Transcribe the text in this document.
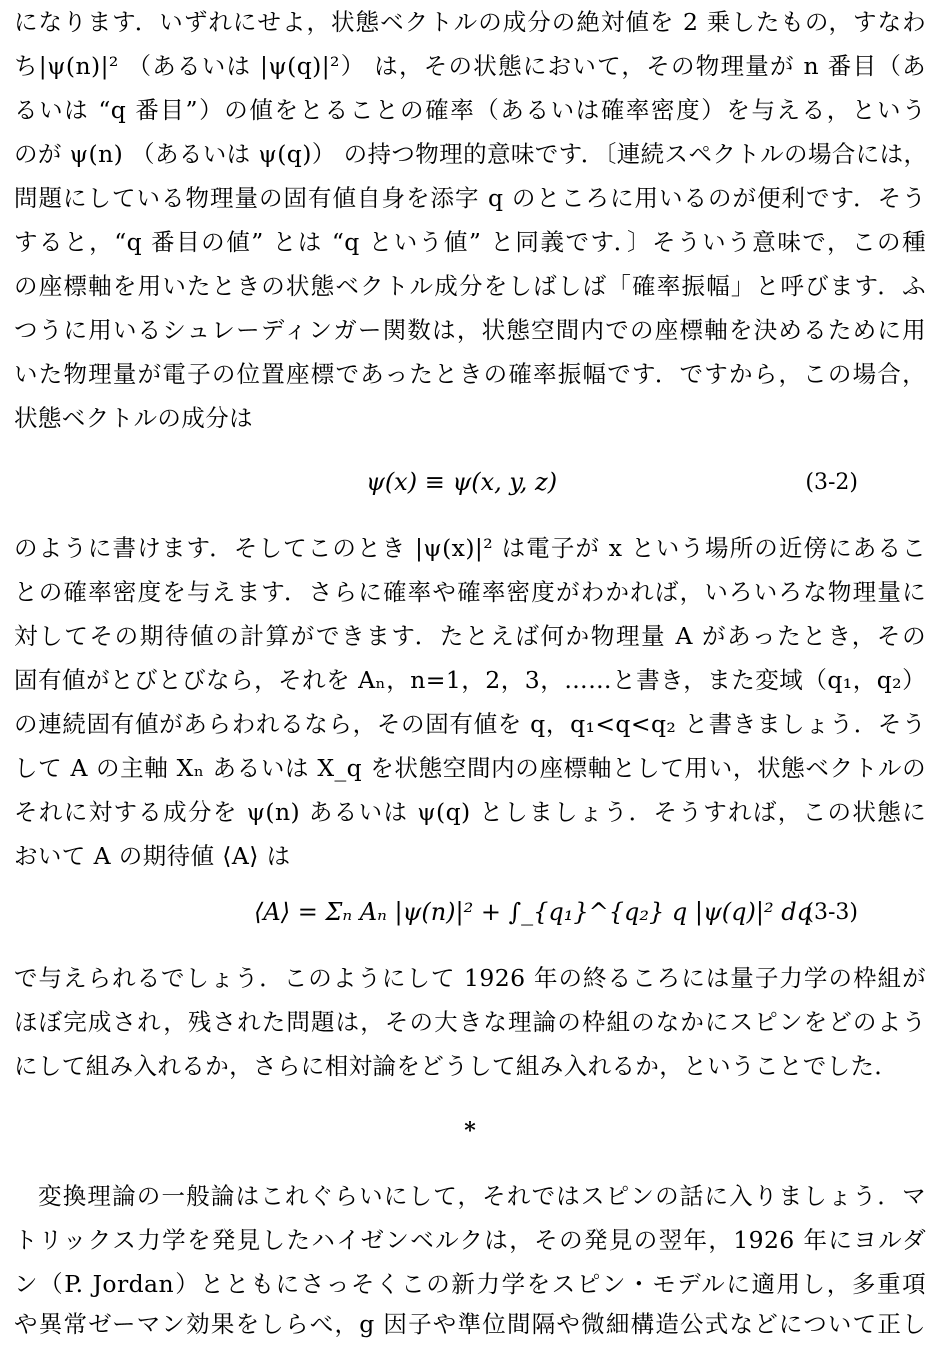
になります．いずれにせよ，状態ベクトルの成分の絶対値を 2 乗したもの，すなわ
ち|ψ(n)|² （あるいは |ψ(q)|²） は，その状態において，その物理量が n 番目（あ
るいは “q 番目”）の値をとることの確率（あるいは確率密度）を与える，という
のが ψ(n) （あるいは ψ(q)） の持つ物理的意味です．〔連続スペクトルの場合には，
問題にしている物理量の固有値自身を添字 q のところに用いるのが便利です．そう
すると，“q 番目の値” とは “q という値” と同義です．〕そういう意味で，この種
の座標軸を用いたときの状態ベクトル成分をしばしば「確率振幅」と呼びます．ふ
つうに用いるシュレーディンガー関数は，状態空間内での座標軸を決めるために用
いた物理量が電子の位置座標であったときの確率振幅です．ですから，この場合，
状態ベクトルの成分は
ψ(x) ≡ ψ(x, y, z)	(3-2)
のように書けます．そしてこのとき |ψ(x)|² は電子が x という場所の近傍にあるこ
との確率密度を与えます．さらに確率や確率密度がわかれば，いろいろな物理量に
対してその期待値の計算ができます．たとえば何か物理量 A があったとき，その
固有値がとびとびなら，それを Aₙ，n=1，2，3，……と書き，また変域（q₁，q₂）
の連続固有値があらわれるなら，その固有値を q，q₁<q<q₂ と書きましょう．そう
して A の主軸 Xₙ あるいは X_q を状態空間内の座標軸として用い，状態ベクトルの
それに対する成分を ψ(n) あるいは ψ(q) としましょう．そうすれば，この状態に
おいて A の期待値 ⟨A⟩ は
⟨A⟩ = Σₙ Aₙ |ψ(n)|² + ∫_{q₁}^{q₂} q |ψ(q)|² dq
(3-3)
で与えられるでしょう．このようにして 1926 年の終るころには量子力学の枠組が
ほぼ完成され，残された問題は，その大きな理論の枠組のなかにスピンをどのよう
にして組み入れるか，さらに相対論をどうして組み入れるか，ということでした．
*
変換理論の一般論はこれぐらいにして，それではスピンの話に入りましょう．マ
トリックス力学を発見したハイゼンベルクは，その発見の翌年，1926 年にヨルダ
ン（P. Jordan）とともにさっそくこの新力学をスピン・モデルに適用し，多重項
や異常ゼーマン効果をしらべ，g 因子や準位間隔や微細構造公式などについて正し
